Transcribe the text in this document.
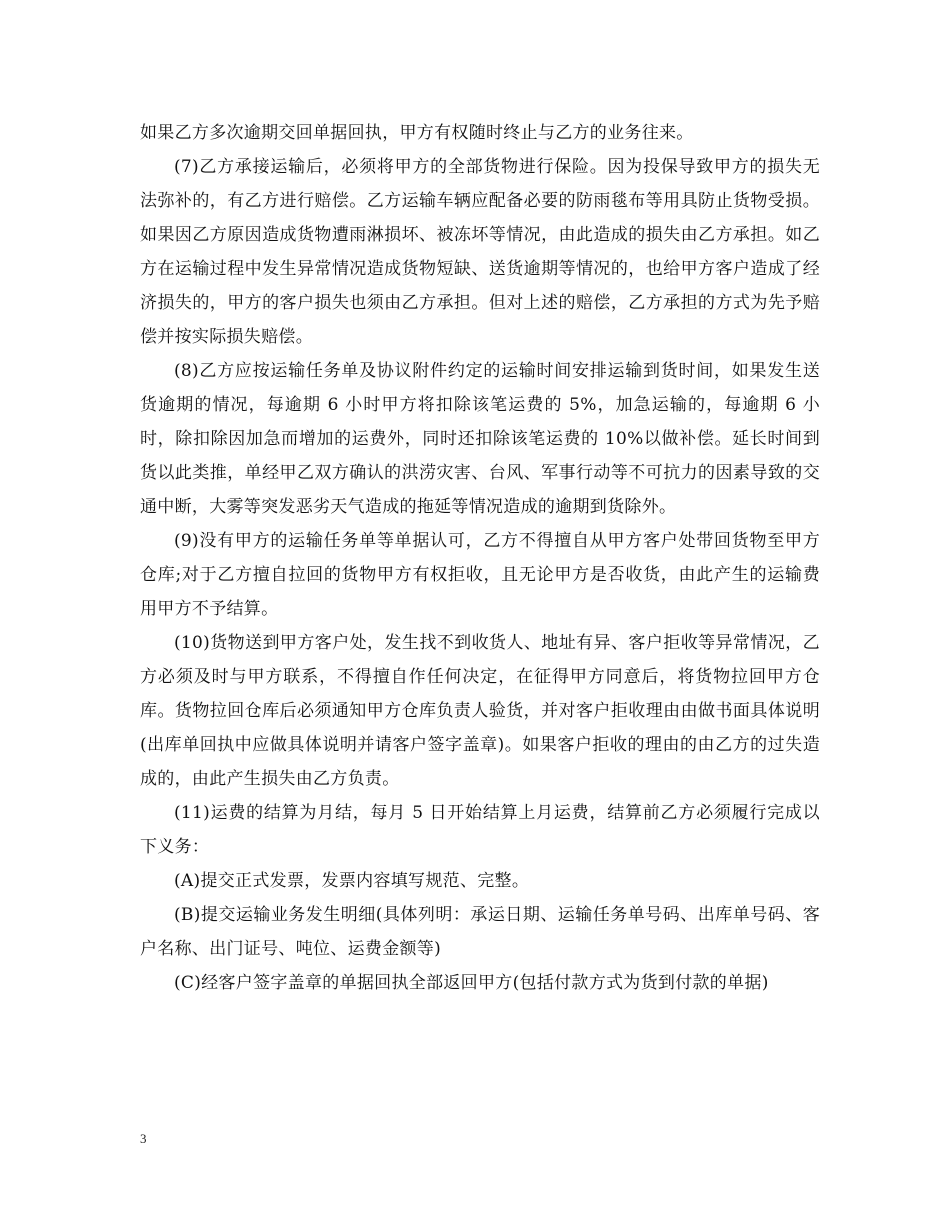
如果乙方多次逾期交回单据回执，甲方有权随时终止与乙方的业务往来。

(7)乙方承接运输后，必须将甲方的全部货物进行保险。因为投保导致甲方的损失无法弥补的，有乙方进行赔偿。乙方运输车辆应配备必要的防雨毯布等用具防止货物受损。如果因乙方原因造成货物遭雨淋损坏、被冻坏等情况，由此造成的损失由乙方承担。如乙方在运输过程中发生异常情况造成货物短缺、送货逾期等情况的，也给甲方客户造成了经济损失的，甲方的客户损失也须由乙方承担。但对上述的赔偿，乙方承担的方式为先予赔偿并按实际损失赔偿。

(8)乙方应按运输任务单及协议附件约定的运输时间安排运输到货时间，如果发生送货逾期的情况，每逾期 6 小时甲方将扣除该笔运费的 5%，加急运输的，每逾期 6 小时，除扣除因加急而增加的运费外，同时还扣除该笔运费的 10%以做补偿。延长时间到货以此类推，单经甲乙双方确认的洪涝灾害、台风、军事行动等不可抗力的因素导致的交通中断，大雾等突发恶劣天气造成的拖延等情况造成的逾期到货除外。

(9)没有甲方的运输任务单等单据认可，乙方不得擅自从甲方客户处带回货物至甲方仓库;对于乙方擅自拉回的货物甲方有权拒收，且无论甲方是否收货，由此产生的运输费用甲方不予结算。

(10)货物送到甲方客户处，发生找不到收货人、地址有异、客户拒收等异常情况，乙方必须及时与甲方联系，不得擅自作任何决定，在征得甲方同意后，将货物拉回甲方仓库。货物拉回仓库后必须通知甲方仓库负责人验货，并对客户拒收理由由做书面具体说明(出库单回执中应做具体说明并请客户签字盖章)。如果客户拒收的理由的由乙方的过失造成的，由此产生损失由乙方负责。

(11)运费的结算为月结，每月 5 日开始结算上月运费，结算前乙方必须履行完成以下义务：

(A)提交正式发票，发票内容填写规范、完整。

(B)提交运输业务发生明细(具体列明：承运日期、运输任务单号码、出库单号码、客户名称、出门证号、吨位、运费金额等)

(C)经客户签字盖章的单据回执全部返回甲方(包括付款方式为货到付款的单据)

3
